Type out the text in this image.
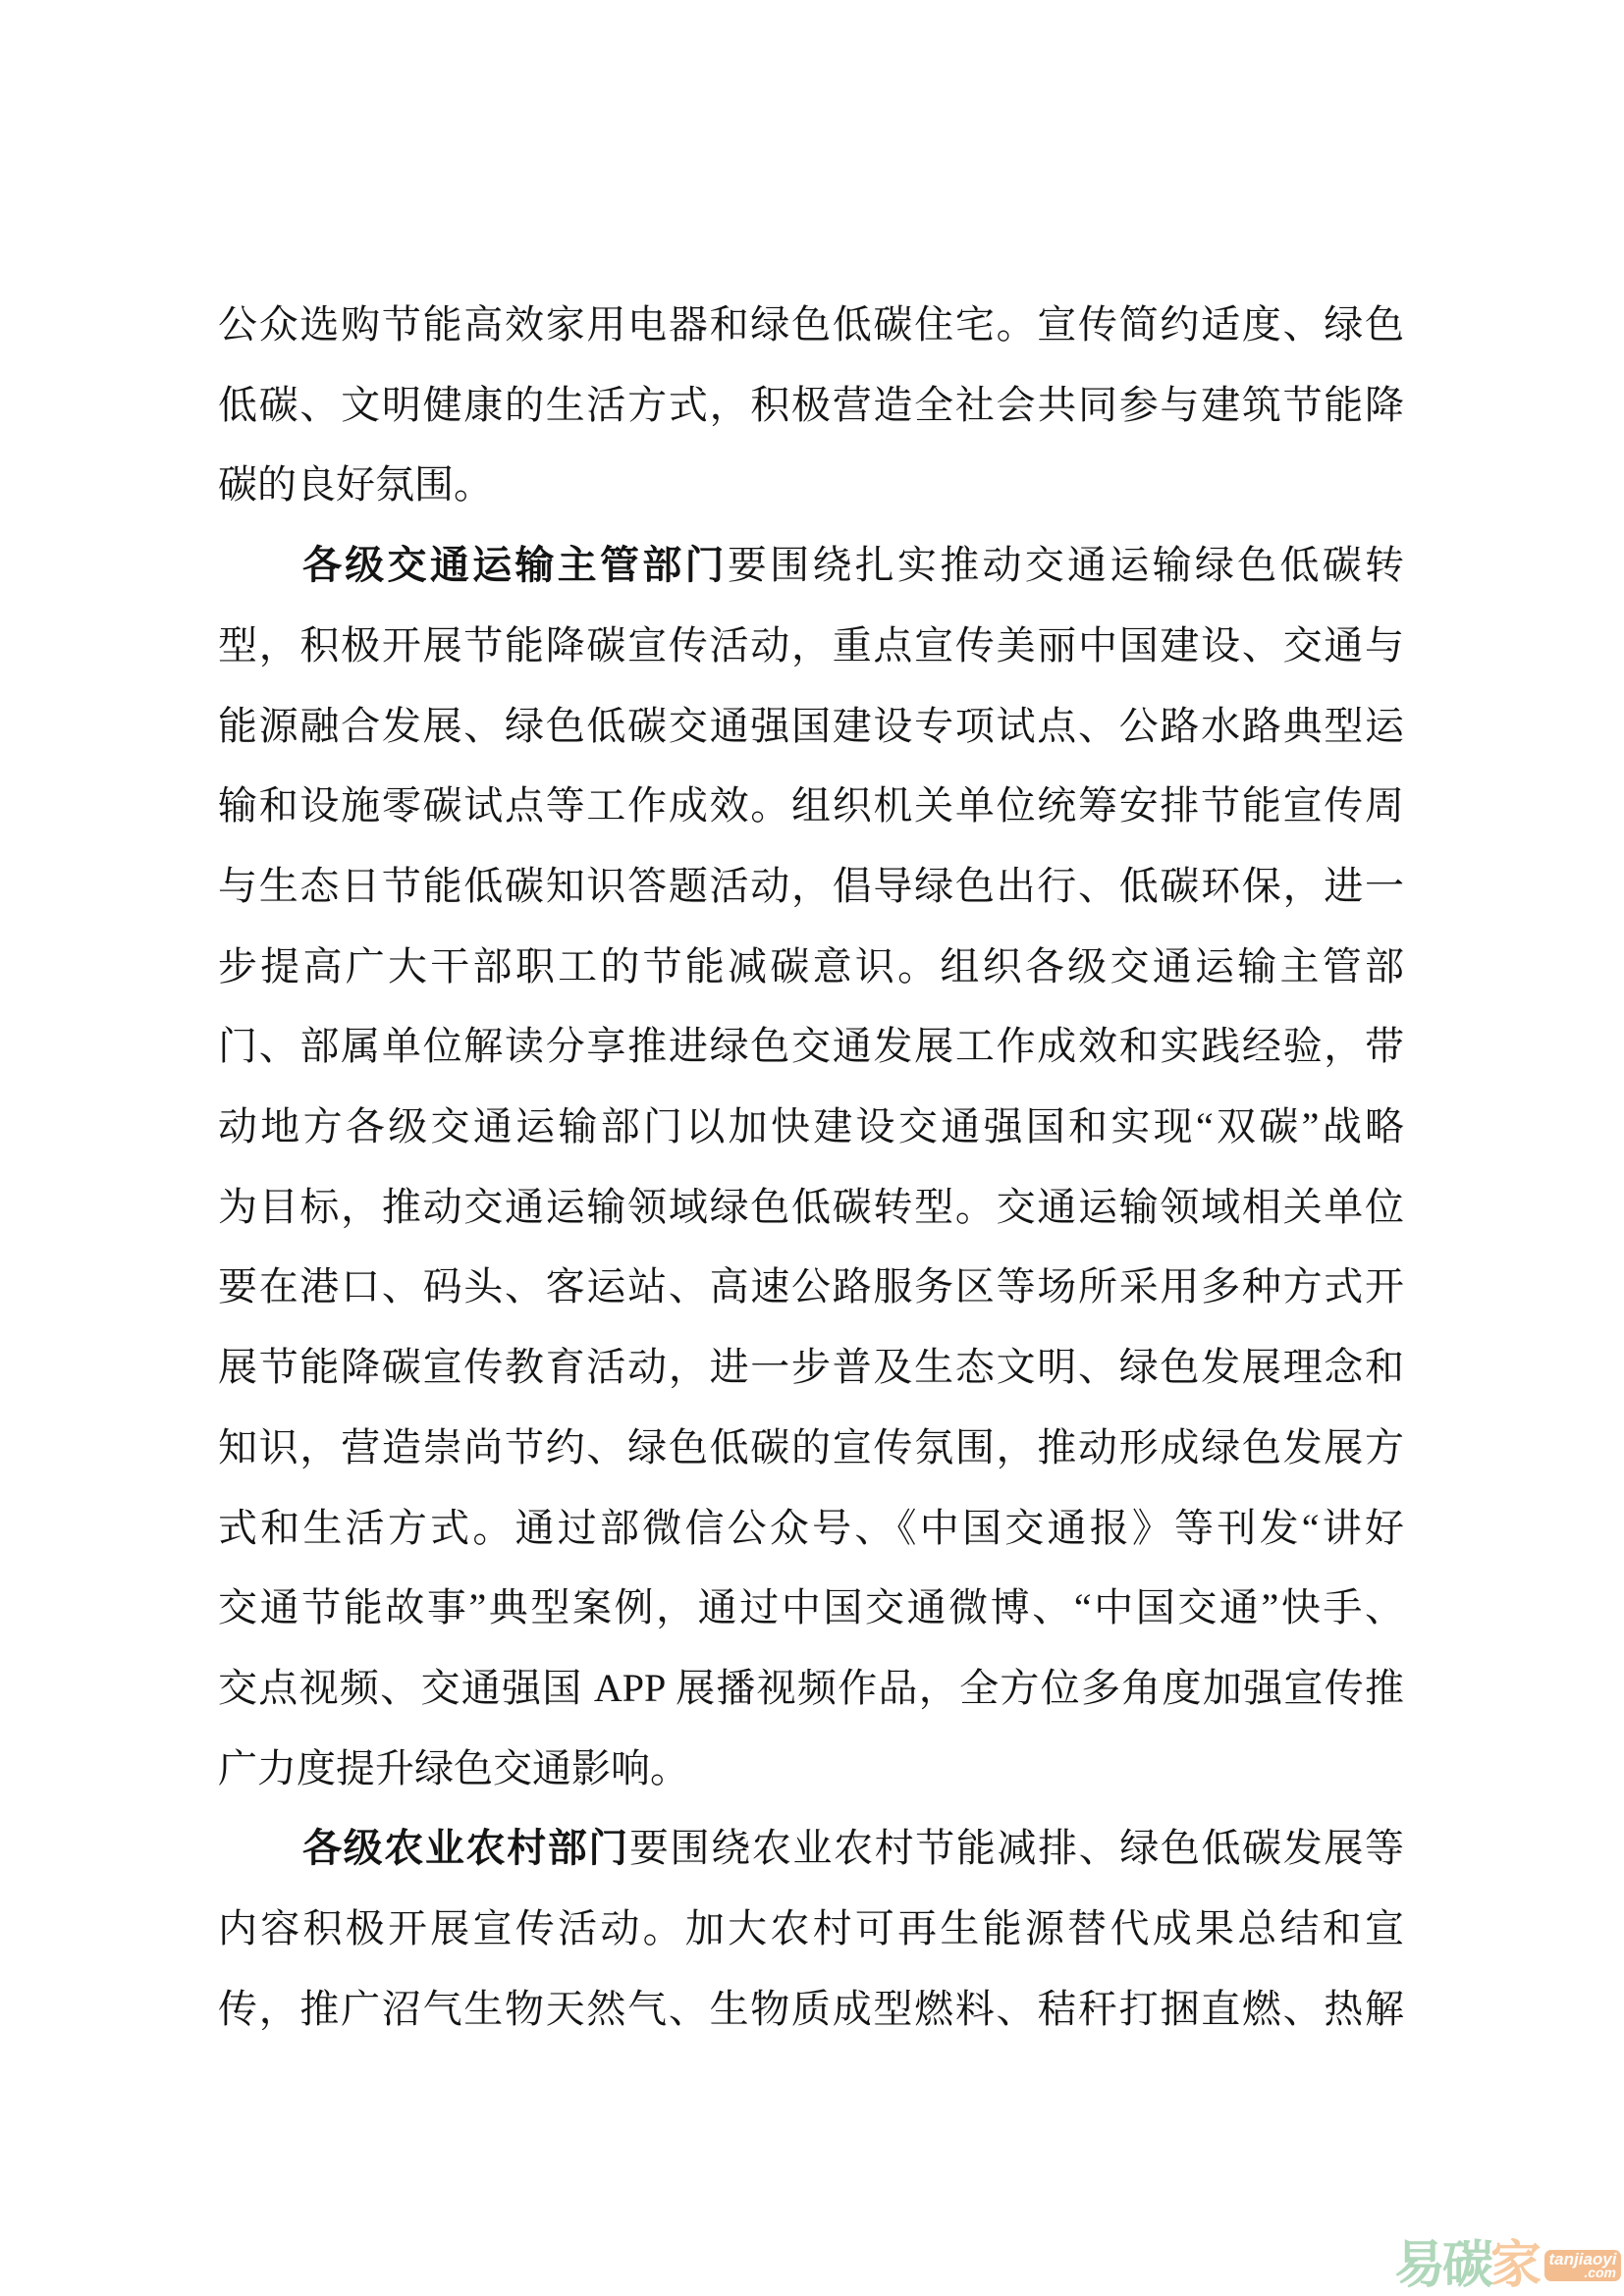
公众选购节能高效家用电器和绿色低碳住宅。宣传简约适度、绿色
低碳、文明健康的生活方式，积极营造全社会共同参与建筑节能降
碳的良好氛围。
各级交通运输主管部门要围绕扎实推动交通运输绿色低碳转
型，积极开展节能降碳宣传活动，重点宣传美丽中国建设、交通与
能源融合发展、绿色低碳交通强国建设专项试点、公路水路典型运
输和设施零碳试点等工作成效。组织机关单位统筹安排节能宣传周
与生态日节能低碳知识答题活动，倡导绿色出行、低碳环保，进一
步提高广大干部职工的节能减碳意识。组织各级交通运输主管部
门、部属单位解读分享推进绿色交通发展工作成效和实践经验，带
动地方各级交通运输部门以加快建设交通强国和实现“双碳”战略
为目标，推动交通运输领域绿色低碳转型。交通运输领域相关单位
要在港口、码头、客运站、高速公路服务区等场所采用多种方式开
展节能降碳宣传教育活动，进一步普及生态文明、绿色发展理念和
知识，营造崇尚节约、绿色低碳的宣传氛围，推动形成绿色发展方
式和生活方式。通过部微信公众号、《中国交通报》等刊发“讲好
交通节能故事”典型案例，通过中国交通微博、“中国交通”快手、
交点视频、交通强国 APP 展播视频作品，全方位多角度加强宣传推
广力度提升绿色交通影响。
各级农业农村部门要围绕农业农村节能减排、绿色低碳发展等
内容积极开展宣传活动。加大农村可再生能源替代成果总结和宣
传，推广沼气生物天然气、生物质成型燃料、秸秆打捆直燃、热解
易 碳 家 tanjiaoyi
.com
